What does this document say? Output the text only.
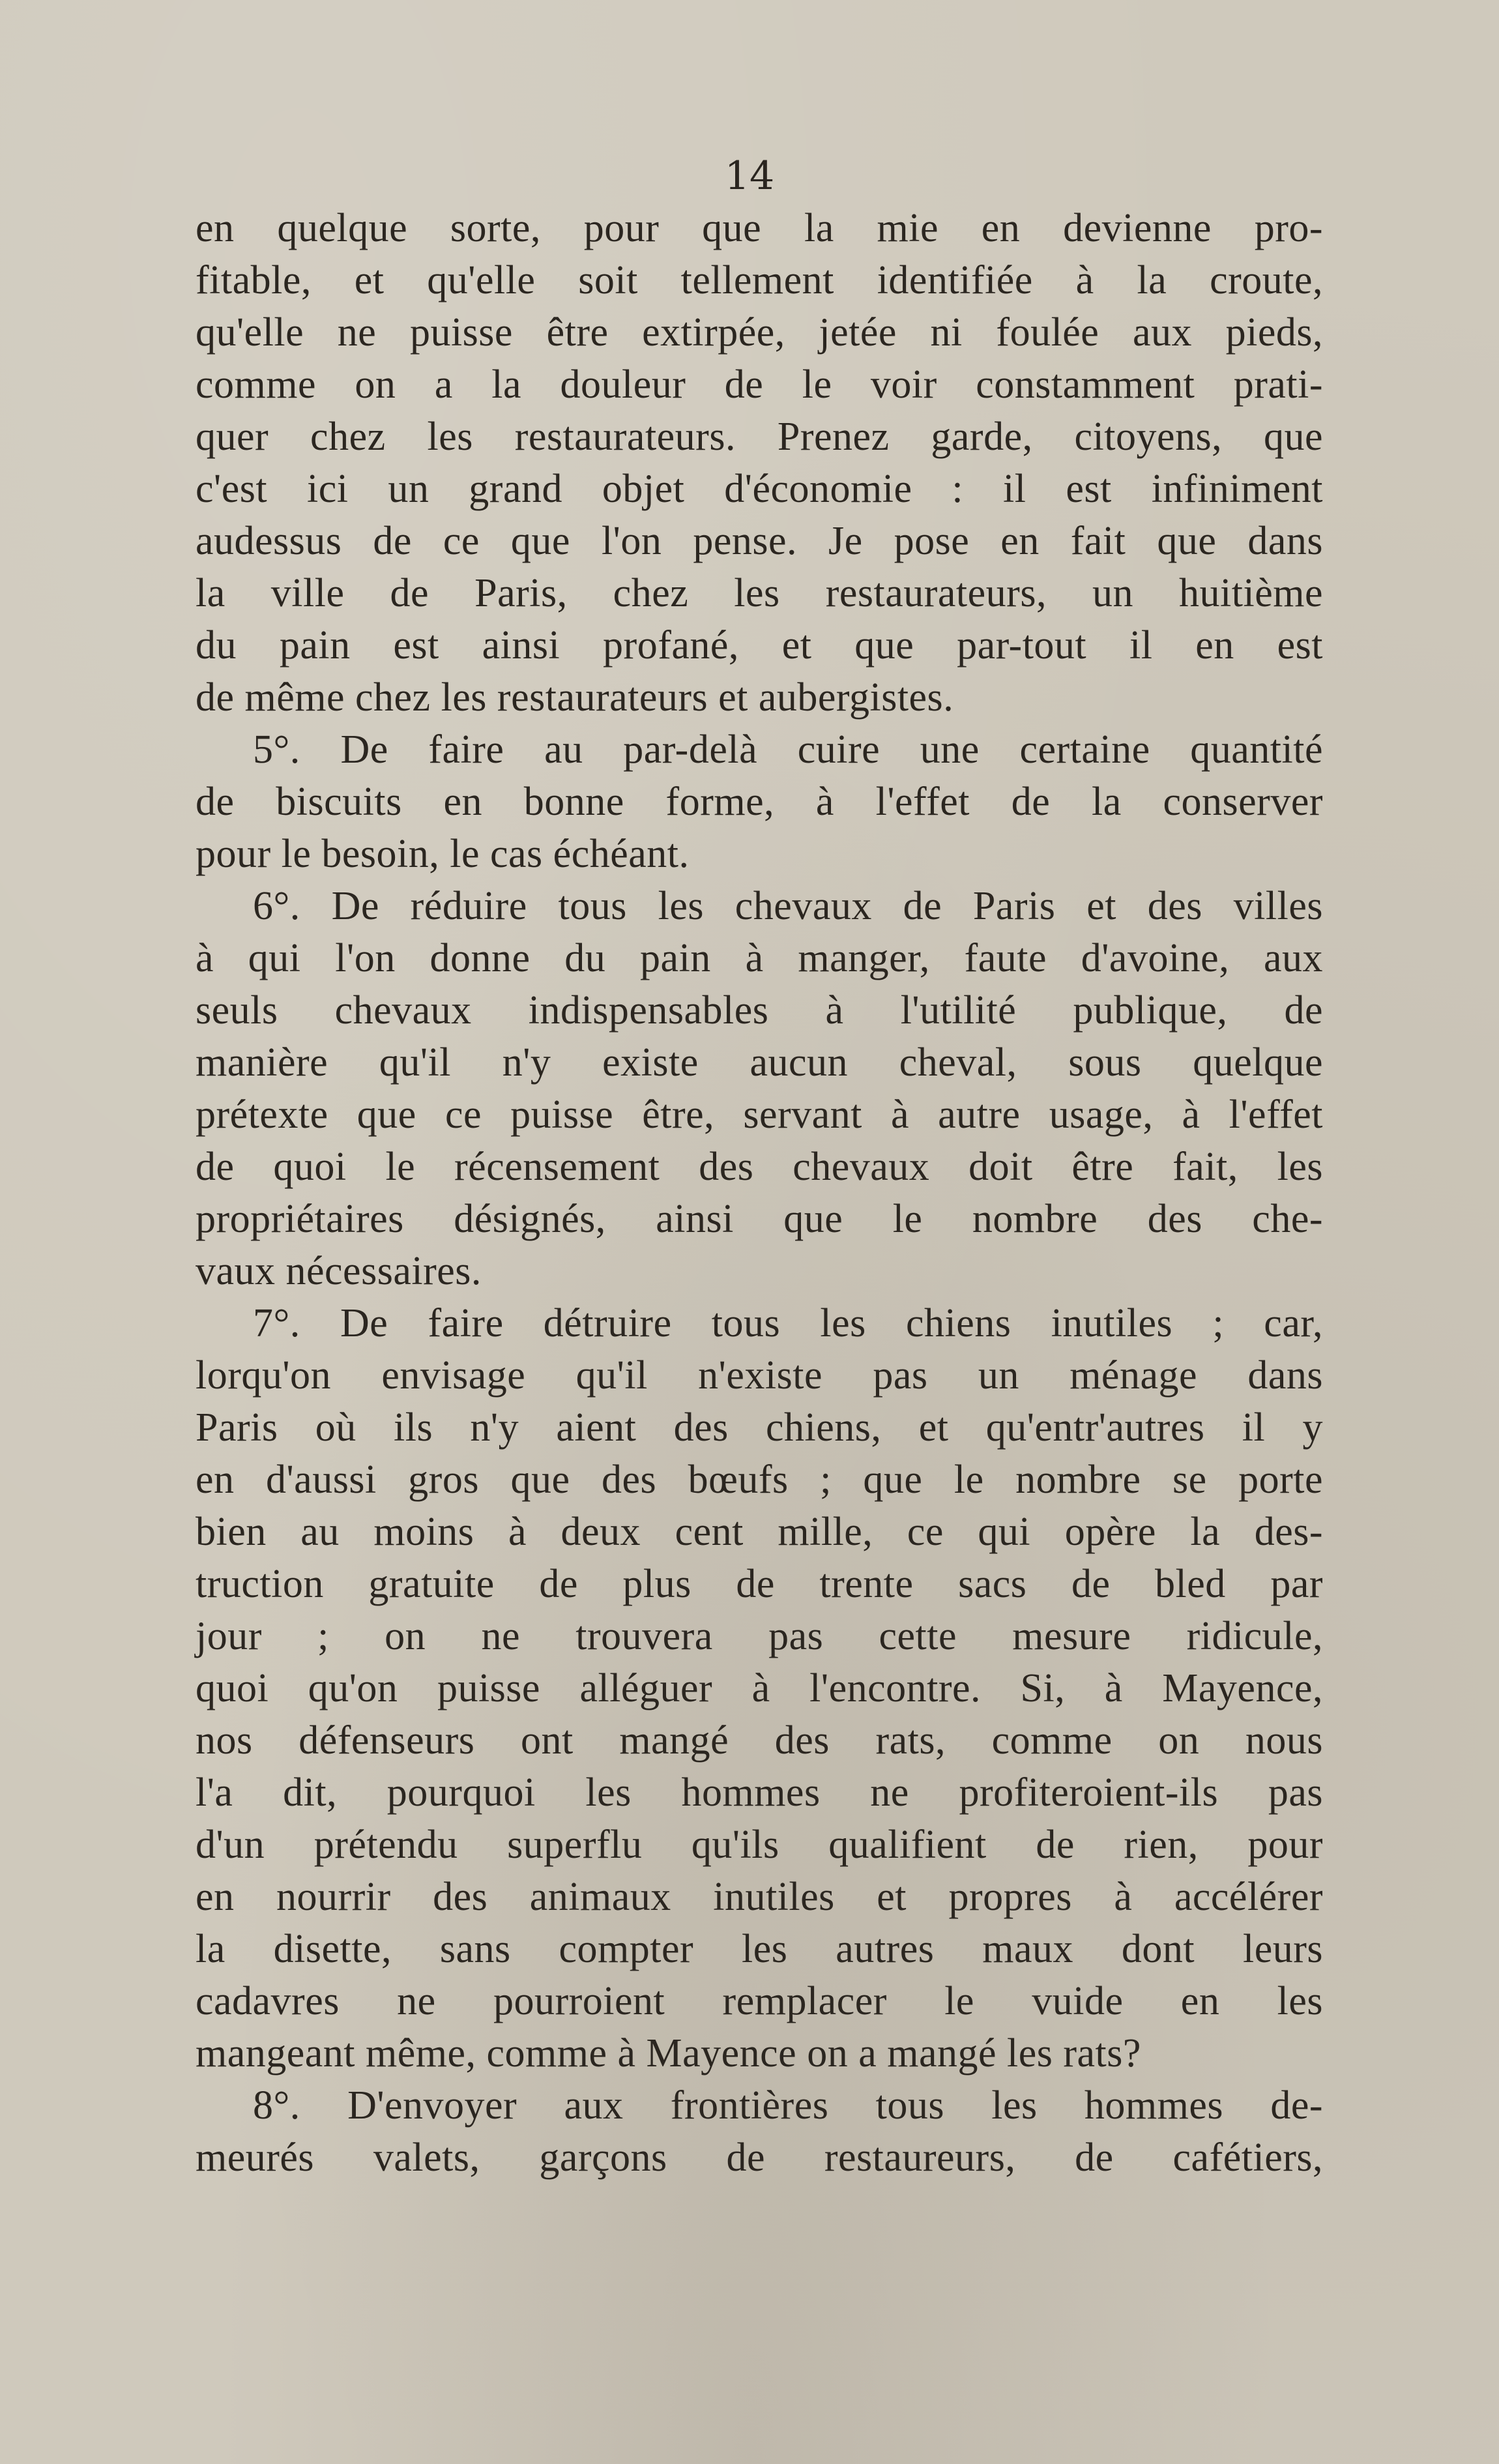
14
en quelque sorte, pour que la mie en devienne pro-
fitable, et qu'elle soit tellement identifiée à la croute,
qu'elle ne puisse être extirpée, jetée ni foulée aux pieds,
comme on a la douleur de le voir constamment prati-
quer chez les restaurateurs. Prenez garde, citoyens, que
c'est ici un grand objet d'économie : il est infiniment
audessus de ce que l'on pense. Je pose en fait que dans
la ville de Paris, chez les restaurateurs, un huitième
du pain est ainsi profané, et que par-tout il en est
de même chez les restaurateurs et aubergistes.
5°. De faire au par-delà cuire une certaine quantité
de biscuits en bonne forme, à l'effet de la conserver
pour le besoin, le cas échéant.
6°. De réduire tous les chevaux de Paris et des villes
à qui l'on donne du pain à manger, faute d'avoine, aux
seuls chevaux indispensables à l'utilité publique, de
manière qu'il n'y existe aucun cheval, sous quelque
prétexte que ce puisse être, servant à autre usage, à l'effet
de quoi le récensement des chevaux doit être fait, les
propriétaires désignés, ainsi que le nombre des che-
vaux nécessaires.
7°. De faire détruire tous les chiens inutiles ; car,
lorqu'on envisage qu'il n'existe pas un ménage dans
Paris où ils n'y aient des chiens, et qu'entr'autres il y
en d'aussi gros que des bœufs ; que le nombre se porte
bien au moins à deux cent mille, ce qui opère la des-
truction gratuite de plus de trente sacs de bled par
jour ; on ne trouvera pas cette mesure ridicule,
quoi qu'on puisse alléguer à l'encontre. Si, à Mayence,
nos défenseurs ont mangé des rats, comme on nous
l'a dit, pourquoi les hommes ne profiteroient-ils pas
d'un prétendu superflu qu'ils qualifient de rien, pour
en nourrir des animaux inutiles et propres à accélérer
la disette, sans compter les autres maux dont leurs
cadavres ne pourroient remplacer le vuide en les
mangeant même, comme à Mayence on a mangé les rats?
8°. D'envoyer aux frontières tous les hommes de-
meurés valets, garçons de restaureurs, de cafétiers,
